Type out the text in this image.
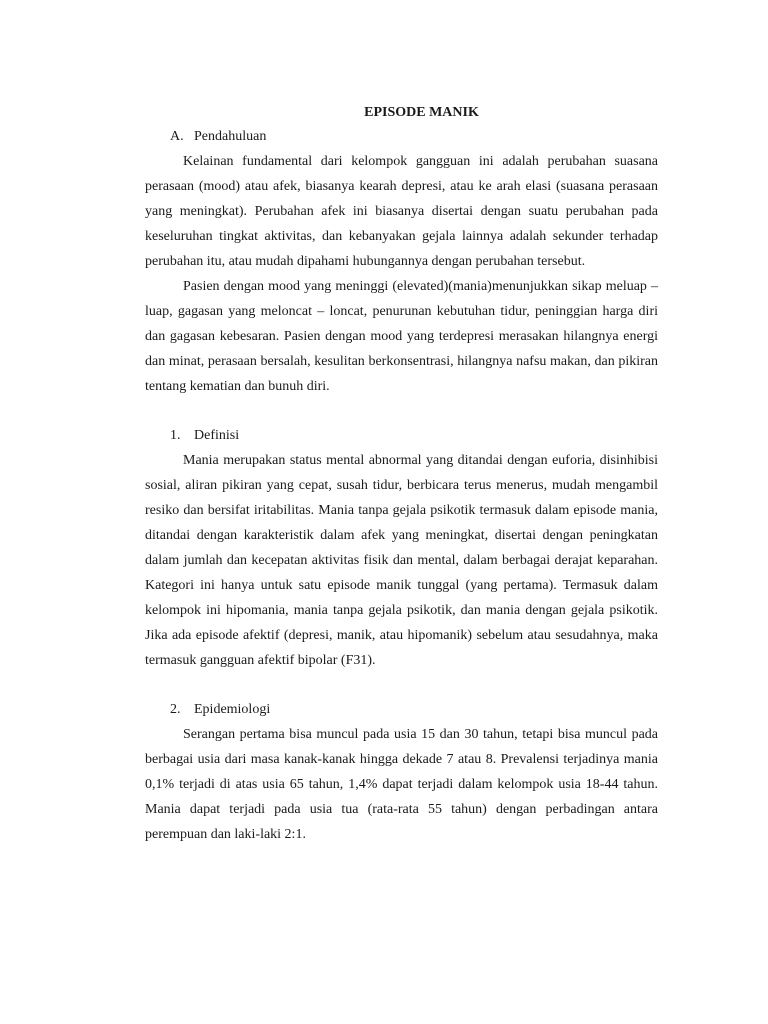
EPISODE MANIK
A. Pendahuluan

Kelainan fundamental dari kelompok gangguan ini adalah perubahan suasana perasaan (mood) atau afek, biasanya kearah depresi, atau ke arah elasi (suasana perasaan yang meningkat). Perubahan afek ini biasanya disertai dengan suatu perubahan pada keseluruhan tingkat aktivitas, dan kebanyakan gejala lainnya adalah sekunder terhadap perubahan itu, atau mudah dipahami hubungannya dengan perubahan tersebut.

Pasien dengan mood yang meninggi (elevated)(mania)menunjukkan sikap meluap – luap, gagasan yang meloncat – loncat, penurunan kebutuhan tidur, peninggian harga diri dan gagasan kebesaran. Pasien dengan mood yang terdepresi merasakan hilangnya energi dan minat, perasaan bersalah, kesulitan berkonsentrasi, hilangnya nafsu makan, dan pikiran tentang kematian dan bunuh diri.

1. Definisi

Mania merupakan status mental abnormal yang ditandai dengan euforia, disinhibisi sosial, aliran pikiran yang cepat, susah tidur, berbicara terus menerus, mudah mengambil resiko dan bersifat iritabilitas. Mania tanpa gejala psikotik termasuk dalam episode mania, ditandai dengan karakteristik dalam afek yang meningkat, disertai dengan peningkatan dalam jumlah dan kecepatan aktivitas fisik dan mental, dalam berbagai derajat keparahan. Kategori ini hanya untuk satu episode manik tunggal (yang pertama). Termasuk dalam kelompok ini hipomania, mania tanpa gejala psikotik, dan mania dengan gejala psikotik. Jika ada episode afektif (depresi, manik, atau hipomanik) sebelum atau sesudahnya, maka termasuk gangguan afektif bipolar (F31).

2. Epidemiologi

Serangan pertama bisa muncul pada usia 15 dan 30 tahun, tetapi bisa muncul pada berbagai usia dari masa kanak-kanak hingga dekade 7 atau 8. Prevalensi terjadinya mania 0,1% terjadi di atas usia 65 tahun, 1,4% dapat terjadi dalam kelompok usia 18-44 tahun. Mania dapat terjadi pada usia tua (rata-rata 55 tahun) dengan perbadingan antara perempuan dan laki-laki 2:1.
